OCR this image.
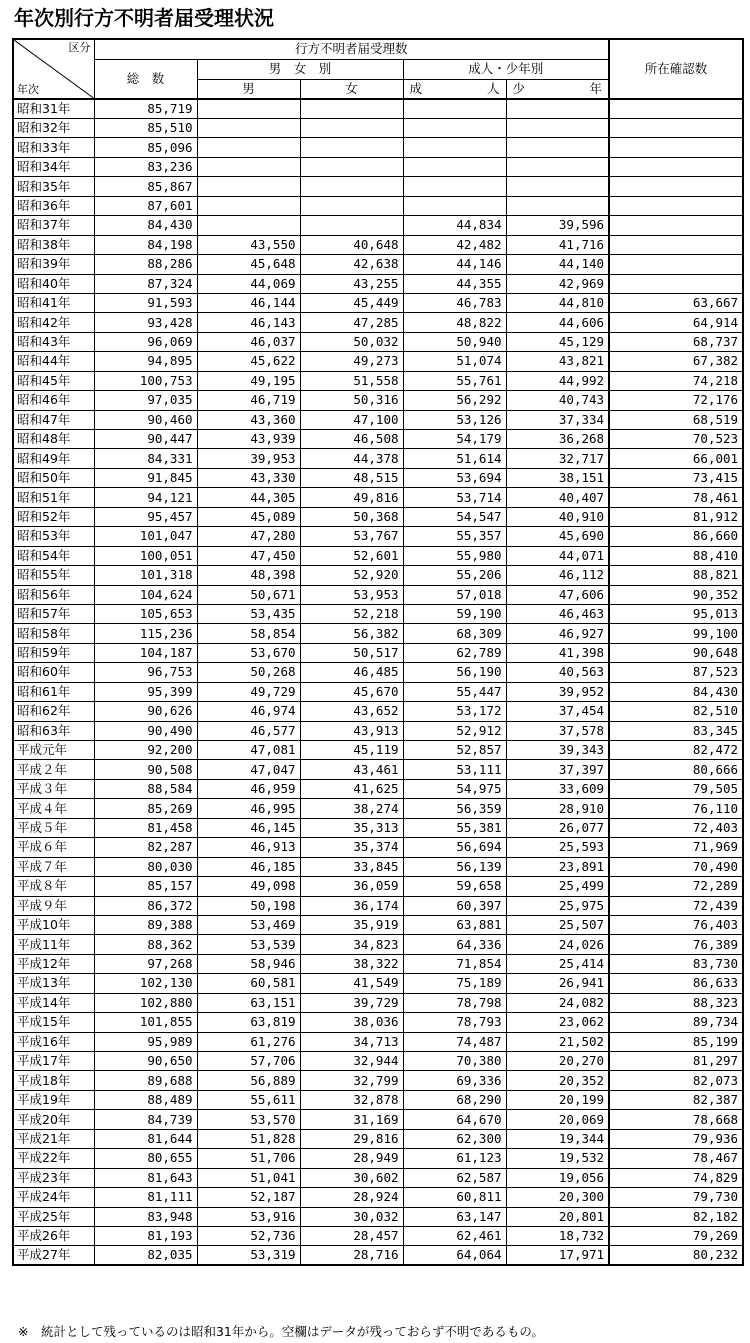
年次別行方不明者届受理状況
区分
年次	行方不明者届受理数					所在確認数
	総　数	男　女　別		成人・少年別		
		男	女	成 人	少 年	

昭和31年	85,719					
昭和32年	85,510					
昭和33年	85,096					
昭和34年	83,236					
昭和35年	85,867					
昭和36年	87,601					
昭和37年	84,430			44,834	39,596	
昭和38年	84,198	43,550	40,648	42,482	41,716	
昭和39年	88,286	45,648	42,638	44,146	44,140	
昭和40年	87,324	44,069	43,255	44,355	42,969	
昭和41年	91,593	46,144	45,449	46,783	44,810	63,667
昭和42年	93,428	46,143	47,285	48,822	44,606	64,914
昭和43年	96,069	46,037	50,032	50,940	45,129	68,737
昭和44年	94,895	45,622	49,273	51,074	43,821	67,382
昭和45年	100,753	49,195	51,558	55,761	44,992	74,218
昭和46年	97,035	46,719	50,316	56,292	40,743	72,176
昭和47年	90,460	43,360	47,100	53,126	37,334	68,519
昭和48年	90,447	43,939	46,508	54,179	36,268	70,523
昭和49年	84,331	39,953	44,378	51,614	32,717	66,001
昭和50年	91,845	43,330	48,515	53,694	38,151	73,415
昭和51年	94,121	44,305	49,816	53,714	40,407	78,461
昭和52年	95,457	45,089	50,368	54,547	40,910	81,912
昭和53年	101,047	47,280	53,767	55,357	45,690	86,660
昭和54年	100,051	47,450	52,601	55,980	44,071	88,410
昭和55年	101,318	48,398	52,920	55,206	46,112	88,821
昭和56年	104,624	50,671	53,953	57,018	47,606	90,352
昭和57年	105,653	53,435	52,218	59,190	46,463	95,013
昭和58年	115,236	58,854	56,382	68,309	46,927	99,100
昭和59年	104,187	53,670	50,517	62,789	41,398	90,648
昭和60年	96,753	50,268	46,485	56,190	40,563	87,523
昭和61年	95,399	49,729	45,670	55,447	39,952	84,430
昭和62年	90,626	46,974	43,652	53,172	37,454	82,510
昭和63年	90,490	46,577	43,913	52,912	37,578	83,345
平成元年	92,200	47,081	45,119	52,857	39,343	82,472
平成２年	90,508	47,047	43,461	53,111	37,397	80,666
平成３年	88,584	46,959	41,625	54,975	33,609	79,505
平成４年	85,269	46,995	38,274	56,359	28,910	76,110
平成５年	81,458	46,145	35,313	55,381	26,077	72,403
平成６年	82,287	46,913	35,374	56,694	25,593	71,969
平成７年	80,030	46,185	33,845	56,139	23,891	70,490
平成８年	85,157	49,098	36,059	59,658	25,499	72,289
平成９年	86,372	50,198	36,174	60,397	25,975	72,439
平成10年	89,388	53,469	35,919	63,881	25,507	76,403
平成11年	88,362	53,539	34,823	64,336	24,026	76,389
平成12年	97,268	58,946	38,322	71,854	25,414	83,730
平成13年	102,130	60,581	41,549	75,189	26,941	86,633
平成14年	102,880	63,151	39,729	78,798	24,082	88,323
平成15年	101,855	63,819	38,036	78,793	23,062	89,734
平成16年	95,989	61,276	34,713	74,487	21,502	85,199
平成17年	90,650	57,706	32,944	70,380	20,270	81,297
平成18年	89,688	56,889	32,799	69,336	20,352	82,073
平成19年	88,489	55,611	32,878	68,290	20,199	82,387
平成20年	84,739	53,570	31,169	64,670	20,069	78,668
平成21年	81,644	51,828	29,816	62,300	19,344	79,936
平成22年	80,655	51,706	28,949	61,123	19,532	78,467
平成23年	81,643	51,041	30,602	62,587	19,056	74,829
平成24年	81,111	52,187	28,924	60,811	20,300	79,730
平成25年	83,948	53,916	30,032	63,147	20,801	82,182
平成26年	81,193	52,736	28,457	62,461	18,732	79,269
平成27年	82,035	53,319	28,716	64,064	17,971	80,232

※　統計として残っているのは昭和31年から。空欄はデータが残っておらず不明であるもの。
